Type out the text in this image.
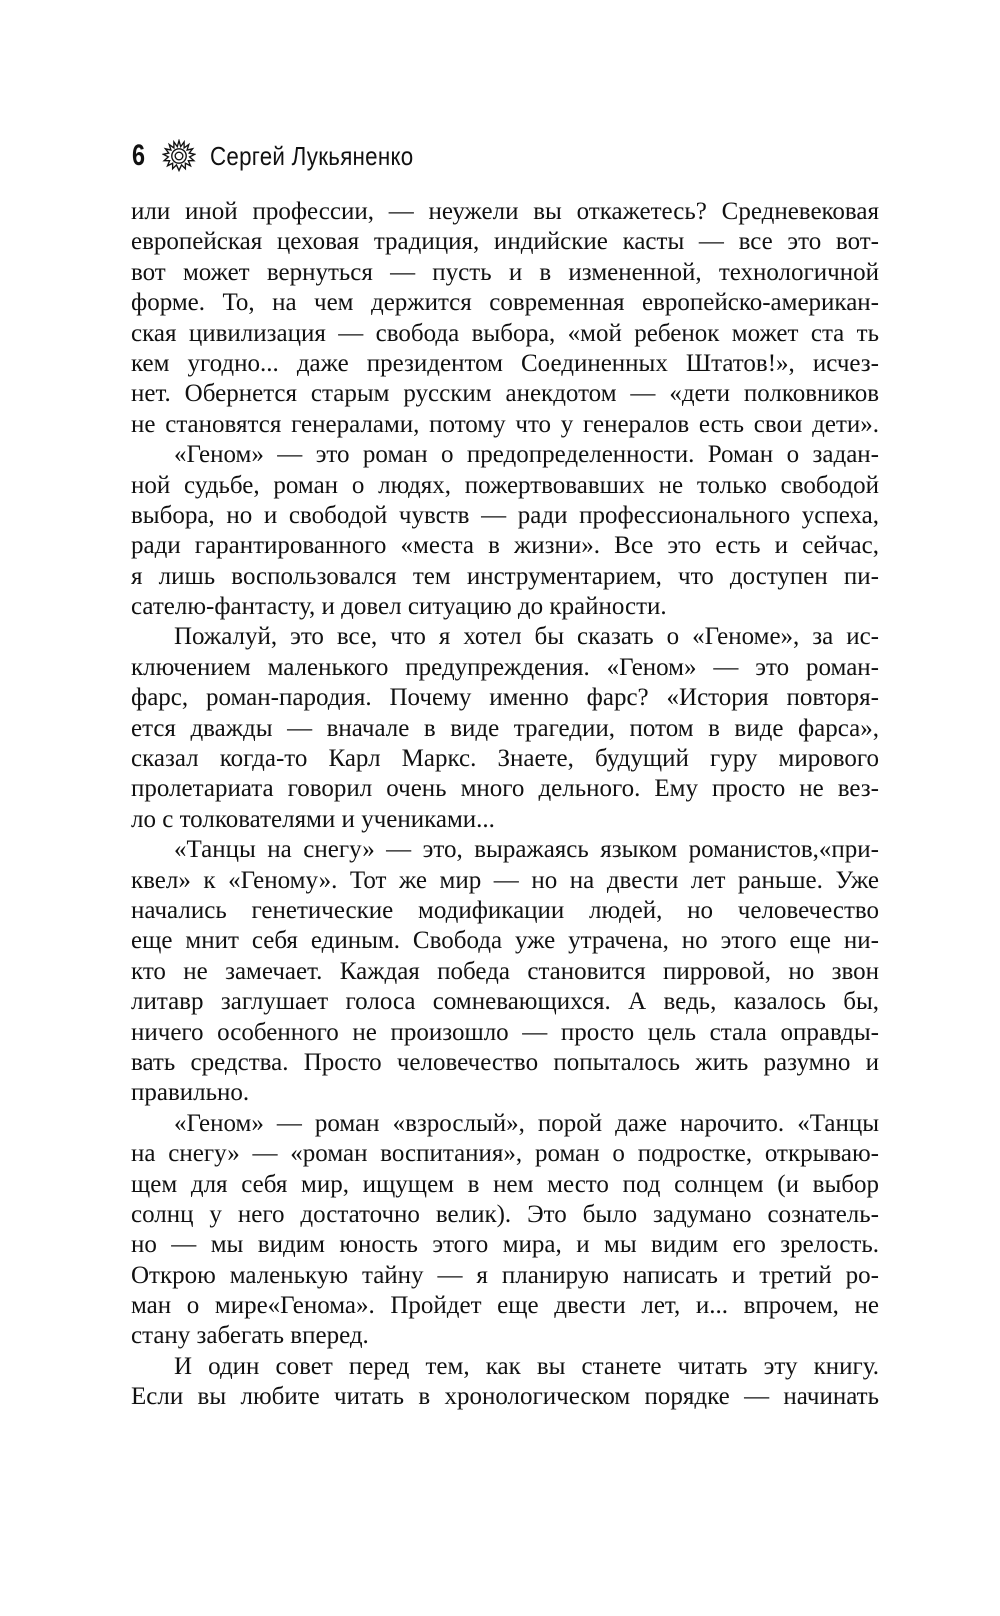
6 Сергей Лукьяненко
или иной профессии, — неужели вы откажетесь? Средневековая
европейская цеховая традиция, индийские касты — все это вот-
вот может вернуться — пусть и в измененной, технологичной
форме. То, на чем держится современная европейско-американ-
ская цивилизация — свобода выбора, «мой ребенок может ста ть
кем угодно... даже президентом Соединенных Штатов!», исчез-
нет. Обернется старым русским анекдотом — «дети полковников
не становятся генералами, потому что у генералов есть свои дети».
«Геном» — это роман о предопределенности. Роман о задан-
ной судьбе, роман о людях, пожертвовавших не только свободой
выбора, но и свободой чувств — ради профессионального успеха,
ради гарантированного «места в жизни». Все это есть и сейчас,
я лишь воспользовался тем инструментарием, что доступен пи-
сателю-фантасту, и довел ситуацию до крайности.
Пожалуй, это все, что я хотел бы сказать о «Геноме», за ис-
ключением маленького предупреждения. «Геном» — это роман-
фарс, роман-пародия. Почему именно фарс? «История повторя-
ется дважды — вначале в виде трагедии, потом в виде фарса»,
сказал когда-то Карл Маркс. Знаете, будущий гуру мирового
пролетариата говорил очень много дельного. Ему просто не вез-
ло с толкователями и учениками...
«Танцы на снегу» — это, выражаясь языком романистов,«при-
квел» к «Геному». Тот же мир — но на двести лет раньше. Уже
начались генетические модификации людей, но человечество
еще мнит себя единым. Свобода уже утрачена, но этого еще ни-
кто не замечает. Каждая победа становится пирровой, но звон
литавр заглушает голоса сомневающихся. А ведь, казалось бы,
ничего особенного не произошло — просто цель стала оправды-
вать средства. Просто человечество попыталось жить разумно и
правильно.
«Геном» — роман «взрослый», порой даже нарочито. «Танцы
на снегу» — «роман воспитания», роман о подростке, открываю-
щем для себя мир, ищущем в нем место под солнцем (и выбор
солнц у него достаточно велик). Это было задумано сознатель-
но — мы видим юность этого мира, и мы видим его зрелость.
Открою маленькую тайну — я планирую написать и третий ро-
ман о мире«Генома». Пройдет еще двести лет, и... впрочем, не
стану забегать вперед.
И один совет перед тем, как вы станете читать эту книгу.
Если вы любите читать в хронологическом порядке — начинать
